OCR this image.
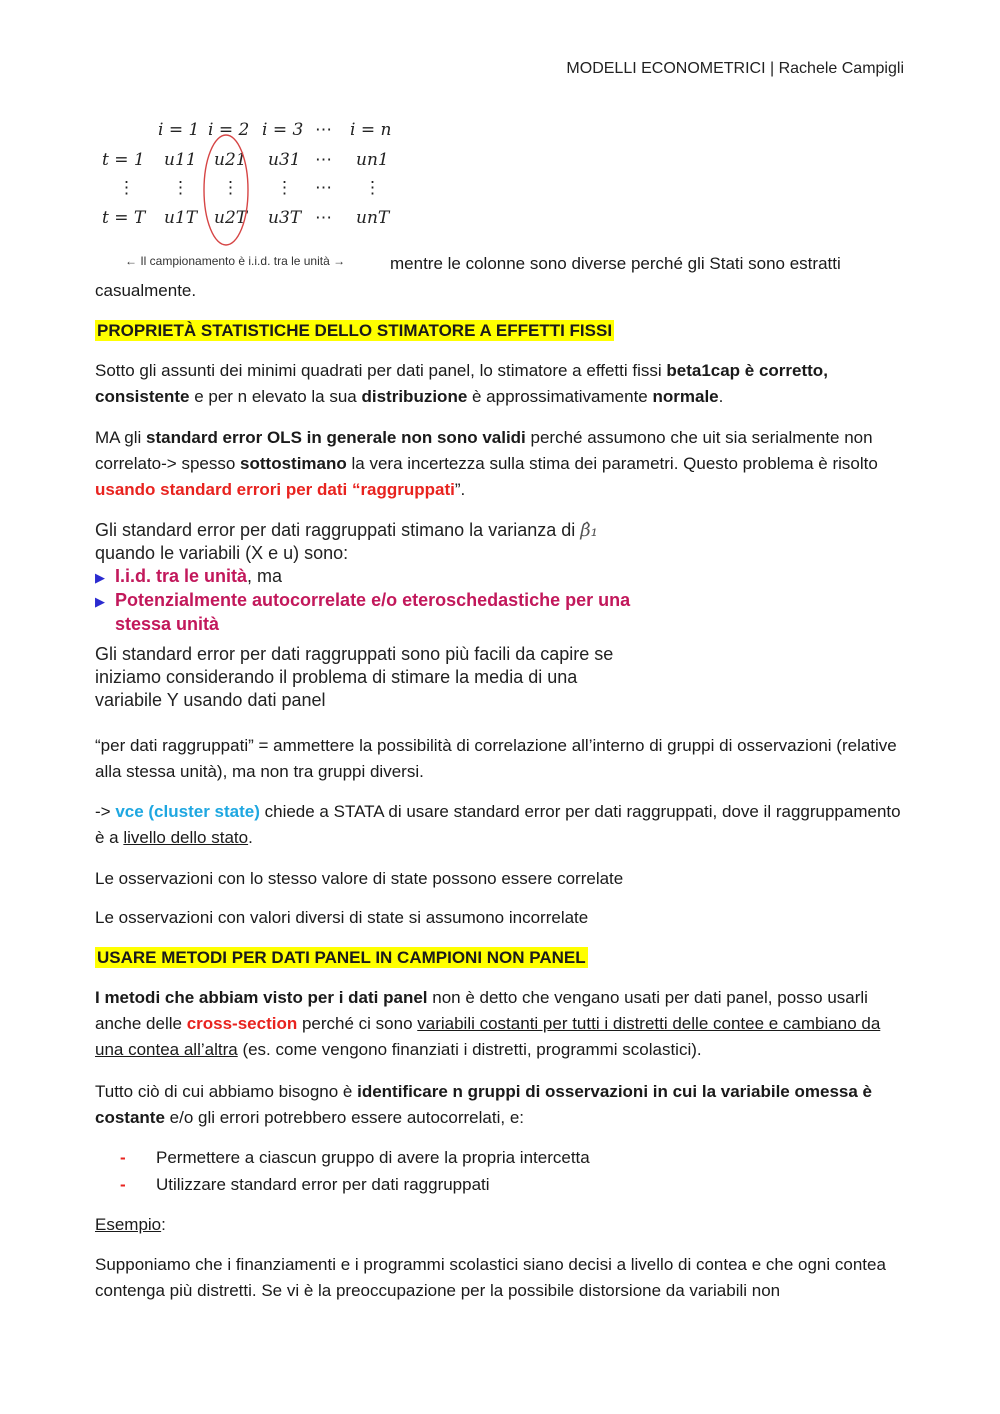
MODELLI ECONOMETRICI | Rachele Campigli
i = 1 i = 2 i = 3 ⋯ i = n
t = 1
⋮
t = T
u11 u21 u31 ⋯ un1
⋮ ⋮ ⋮ ⋯ ⋮
u1T u2T u3T ⋯ unT
← Il campionamento è i.i.d. tra le unità →	mentre le colonne sono diverse perché gli Stati sono estratti
casualmente.
PROPRIETÀ STATISTICHE DELLO STIMATORE A EFFETTI FISSI
Sotto gli assunti dei minimi quadrati per dati panel, lo stimatore a effetti fissi beta1cap è corretto, consistente e per n elevato la sua distribuzione è approssimativamente normale.
MA gli standard error OLS in generale non sono validi perché assumono che uit sia serialmente non correlato-> spesso sottostimano la vera incertezza sulla stima dei parametri. Questo problema è risolto usando standard errori per dati “raggruppati”.
Gli standard error per dati raggruppati stimano la varianza di β̂₁
quando le variabili (X e u) sono:
▶ I.i.d. tra le unità, ma
▶ Potenzialmente autocorrelate e/o eteroschedastiche per una
stessa unità
Gli standard error per dati raggruppati sono più facili da capire se
iniziamo considerando il problema di stimare la media di una
variabile Y usando dati panel
“per dati raggruppati” = ammettere la possibilità di correlazione all’interno di gruppi di osservazioni (relative alla stessa unità), ma non tra gruppi diversi.
-> vce (cluster state) chiede a STATA di usare standard error per dati raggruppati, dove il raggruppamento è a livello dello stato.
Le osservazioni con lo stesso valore di state possono essere correlate
Le osservazioni con valori diversi di state si assumono incorrelate
USARE METODI PER DATI PANEL IN CAMPIONI NON PANEL
I metodi che abbiam visto per i dati panel non è detto che vengano usati per dati panel, posso usarli anche delle cross-section perché ci sono variabili costanti per tutti i distretti delle contee e cambiano da una contea all’altra (es. come vengono finanziati i distretti, programmi scolastici).
Tutto ciò di cui abbiamo bisogno è identificare n gruppi di osservazioni in cui la variabile omessa è costante e/o gli errori potrebbero essere autocorrelati, e:
- Permettere a ciascun gruppo di avere la propria intercetta
- Utilizzare standard error per dati raggruppati
Esempio:
Supponiamo che i finanziamenti e i programmi scolastici siano decisi a livello di contea e che ogni contea contenga più distretti. Se vi è la preoccupazione per la possibile distorsione da variabili non
